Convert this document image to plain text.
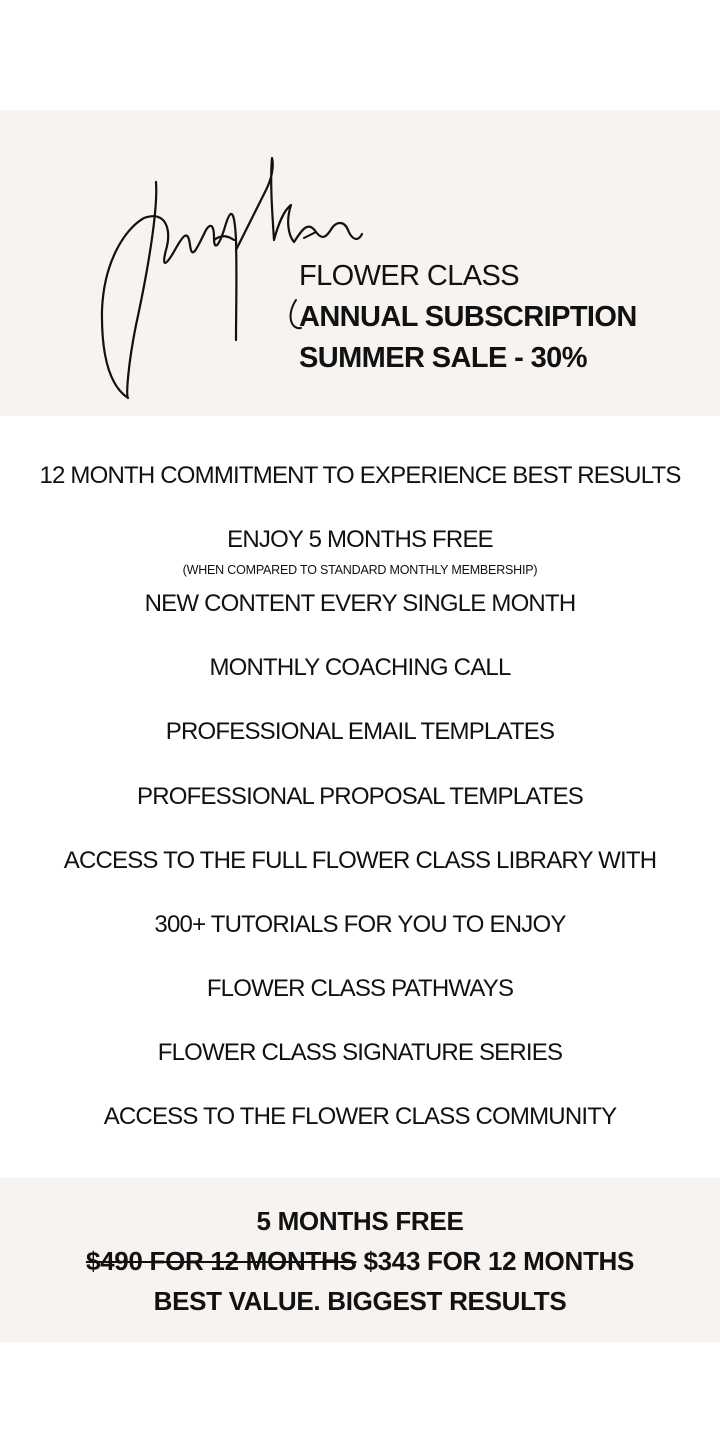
FLOWER CLASS
ANNUAL SUBSCRIPTION
SUMMER SALE - 30%
12 MONTH COMMITMENT TO EXPERIENCE BEST RESULTS
ENJOY 5 MONTHS FREE
(WHEN COMPARED TO STANDARD MONTHLY MEMBERSHIP)
NEW CONTENT EVERY SINGLE MONTH
MONTHLY COACHING CALL
PROFESSIONAL EMAIL TEMPLATES
PROFESSIONAL PROPOSAL TEMPLATES
ACCESS TO THE FULL FLOWER CLASS LIBRARY WITH
300+ TUTORIALS FOR YOU TO ENJOY
FLOWER CLASS PATHWAYS
FLOWER CLASS SIGNATURE SERIES
ACCESS TO THE FLOWER CLASS COMMUNITY
5 MONTHS FREE
$490 FOR 12 MONTHS $343 FOR 12 MONTHS
BEST VALUE. BIGGEST RESULTS
